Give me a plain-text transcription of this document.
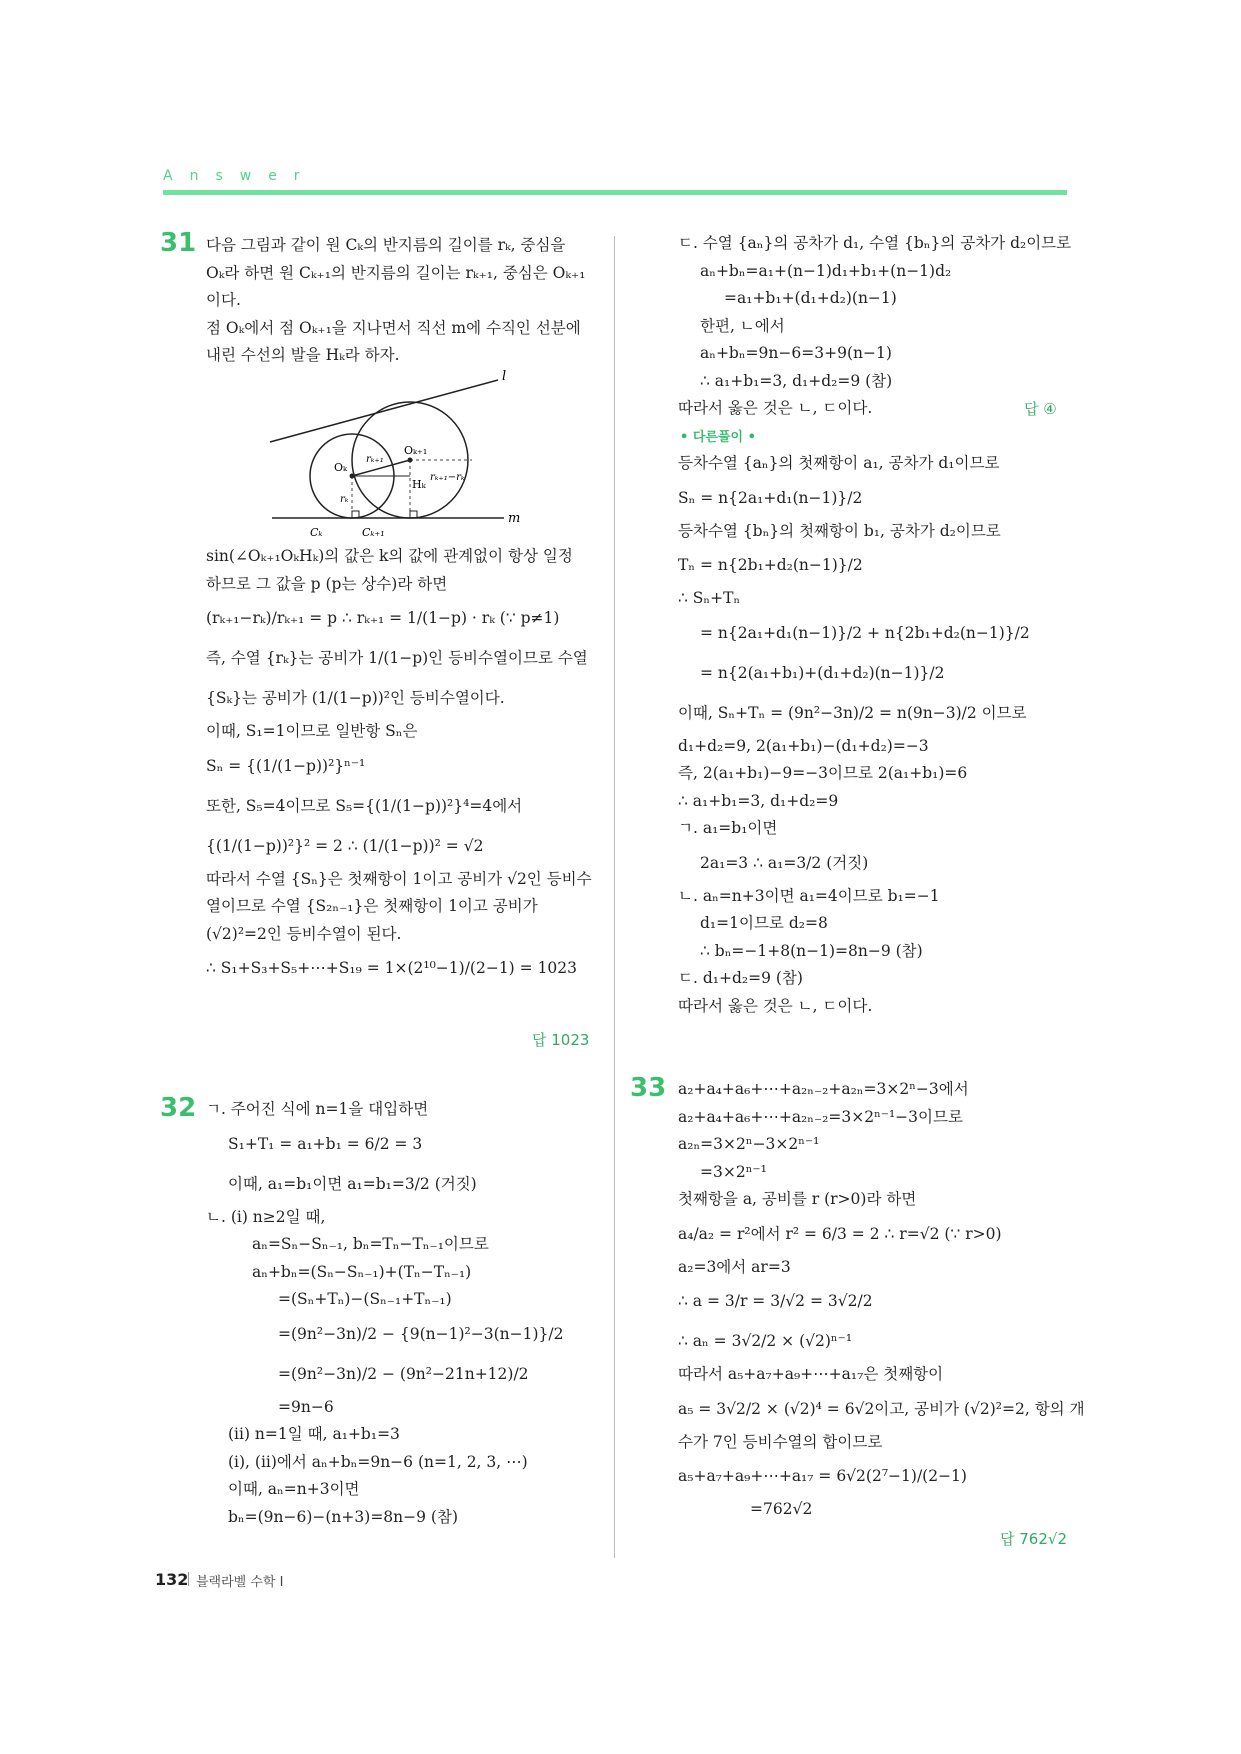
Answer
31 다음 그림과 같이 원 Cₖ의 반지름의 길이를 rₖ, 중심을
Oₖ라 하면 원 Cₖ₊₁의 반지름의 길이는 rₖ₊₁, 중심은 Oₖ₊₁
이다.
점 Oₖ에서 점 Oₖ₊₁을 지나면서 직선 m에 수직인 선분에
내린 수선의 발을 Hₖ라 하자.
l
m
Oₖ
Oₖ₊₁
Hₖ
rₖ
rₖ₊₁
rₖ₊₁−rₖ
Cₖ	Cₖ₊₁
sin(∠Oₖ₊₁OₖHₖ)의 값은 k의 값에 관계없이 항상 일정
하므로 그 값을 p (p는 상수)라 하면
(rₖ₊₁−rₖ)/rₖ₊₁ = p ∴ rₖ₊₁ = 1/(1−p) · rₖ (∵ p≠1)
즉, 수열 {rₖ}는 공비가 1/(1−p)인 등비수열이므로 수열
{Sₖ}는 공비가 (1/(1−p))²인 등비수열이다.
이때, S₁=1이므로 일반항 Sₙ은
Sₙ = {(1/(1−p))²}ⁿ⁻¹
또한, S₅=4이므로 S₅={(1/(1−p))²}⁴=4에서
{(1/(1−p))²}² = 2 ∴ (1/(1−p))² = √2
따라서 수열 {Sₙ}은 첫째항이 1이고 공비가 √2인 등비수
열이므로 수열 {S₂ₙ₋₁}은 첫째항이 1이고 공비가
(√2)²=2인 등비수열이 된다.
∴ S₁+S₃+S₅+⋯+S₁₉ = 1×(2¹⁰−1)/(2−1) = 1023
답 1023
32 ㄱ. 주어진 식에 n=1을 대입하면
S₁+T₁ = a₁+b₁ = 6/2 = 3
이때, a₁=b₁이면 a₁=b₁=3/2 (거짓)
ㄴ. (i) n≥2일 때,
aₙ=Sₙ−Sₙ₋₁, bₙ=Tₙ−Tₙ₋₁이므로
aₙ+bₙ=(Sₙ−Sₙ₋₁)+(Tₙ−Tₙ₋₁)
=(Sₙ+Tₙ)−(Sₙ₋₁+Tₙ₋₁)
=(9n²−3n)/2 − {9(n−1)²−3(n−1)}/2
=(9n²−3n)/2 − (9n²−21n+12)/2
=9n−6
(ii) n=1일 때, a₁+b₁=3
(i), (ii)에서 aₙ+bₙ=9n−6 (n=1, 2, 3, ⋯)
이때, aₙ=n+3이면
bₙ=(9n−6)−(n+3)=8n−9 (참)
ㄷ. 수열 {aₙ}의 공차가 d₁, 수열 {bₙ}의 공차가 d₂이므로
aₙ+bₙ=a₁+(n−1)d₁+b₁+(n−1)d₂
=a₁+b₁+(d₁+d₂)(n−1)
한편, ㄴ에서
aₙ+bₙ=9n−6=3+9(n−1)
∴ a₁+b₁=3, d₁+d₂=9 (참)
따라서 옳은 것은 ㄴ, ㄷ이다.	답 ④
• 다른풀이 •
등차수열 {aₙ}의 첫째항이 a₁, 공차가 d₁이므로
Sₙ = n{2a₁+d₁(n−1)}/2
등차수열 {bₙ}의 첫째항이 b₁, 공차가 d₂이므로
Tₙ = n{2b₁+d₂(n−1)}/2
∴ Sₙ+Tₙ
= n{2a₁+d₁(n−1)}/2 + n{2b₁+d₂(n−1)}/2
= n{2(a₁+b₁)+(d₁+d₂)(n−1)}/2
이때, Sₙ+Tₙ = (9n²−3n)/2 = n(9n−3)/2 이므로
d₁+d₂=9, 2(a₁+b₁)−(d₁+d₂)=−3
즉, 2(a₁+b₁)−9=−3이므로 2(a₁+b₁)=6
∴ a₁+b₁=3, d₁+d₂=9
ㄱ. a₁=b₁이면
2a₁=3 ∴ a₁=3/2 (거짓)
ㄴ. aₙ=n+3이면 a₁=4이므로 b₁=−1
d₁=1이므로 d₂=8
∴ bₙ=−1+8(n−1)=8n−9 (참)
ㄷ. d₁+d₂=9 (참)
따라서 옳은 것은 ㄴ, ㄷ이다.
33 a₂+a₄+a₆+⋯+a₂ₙ₋₂+a₂ₙ=3×2ⁿ−3에서
a₂+a₄+a₆+⋯+a₂ₙ₋₂=3×2ⁿ⁻¹−3이므로
a₂ₙ=3×2ⁿ−3×2ⁿ⁻¹
=3×2ⁿ⁻¹
첫째항을 a, 공비를 r (r>0)라 하면
a₄/a₂ = r²에서 r² = 6/3 = 2 ∴ r=√2 (∵ r>0)
a₂=3에서 ar=3
∴ a = 3/r = 3/√2 = 3√2/2
∴ aₙ = 3√2/2 × (√2)ⁿ⁻¹
따라서 a₅+a₇+a₉+⋯+a₁₇은 첫째항이
a₅ = 3√2/2 × (√2)⁴ = 6√2이고, 공비가 (√2)²=2, 항의 개
수가 7인 등비수열의 합이므로
a₅+a₇+a₉+⋯+a₁₇ = 6√2(2⁷−1)/(2−1)
=762√2
답 762√2
132 블랙라벨 수학 Ⅰ
